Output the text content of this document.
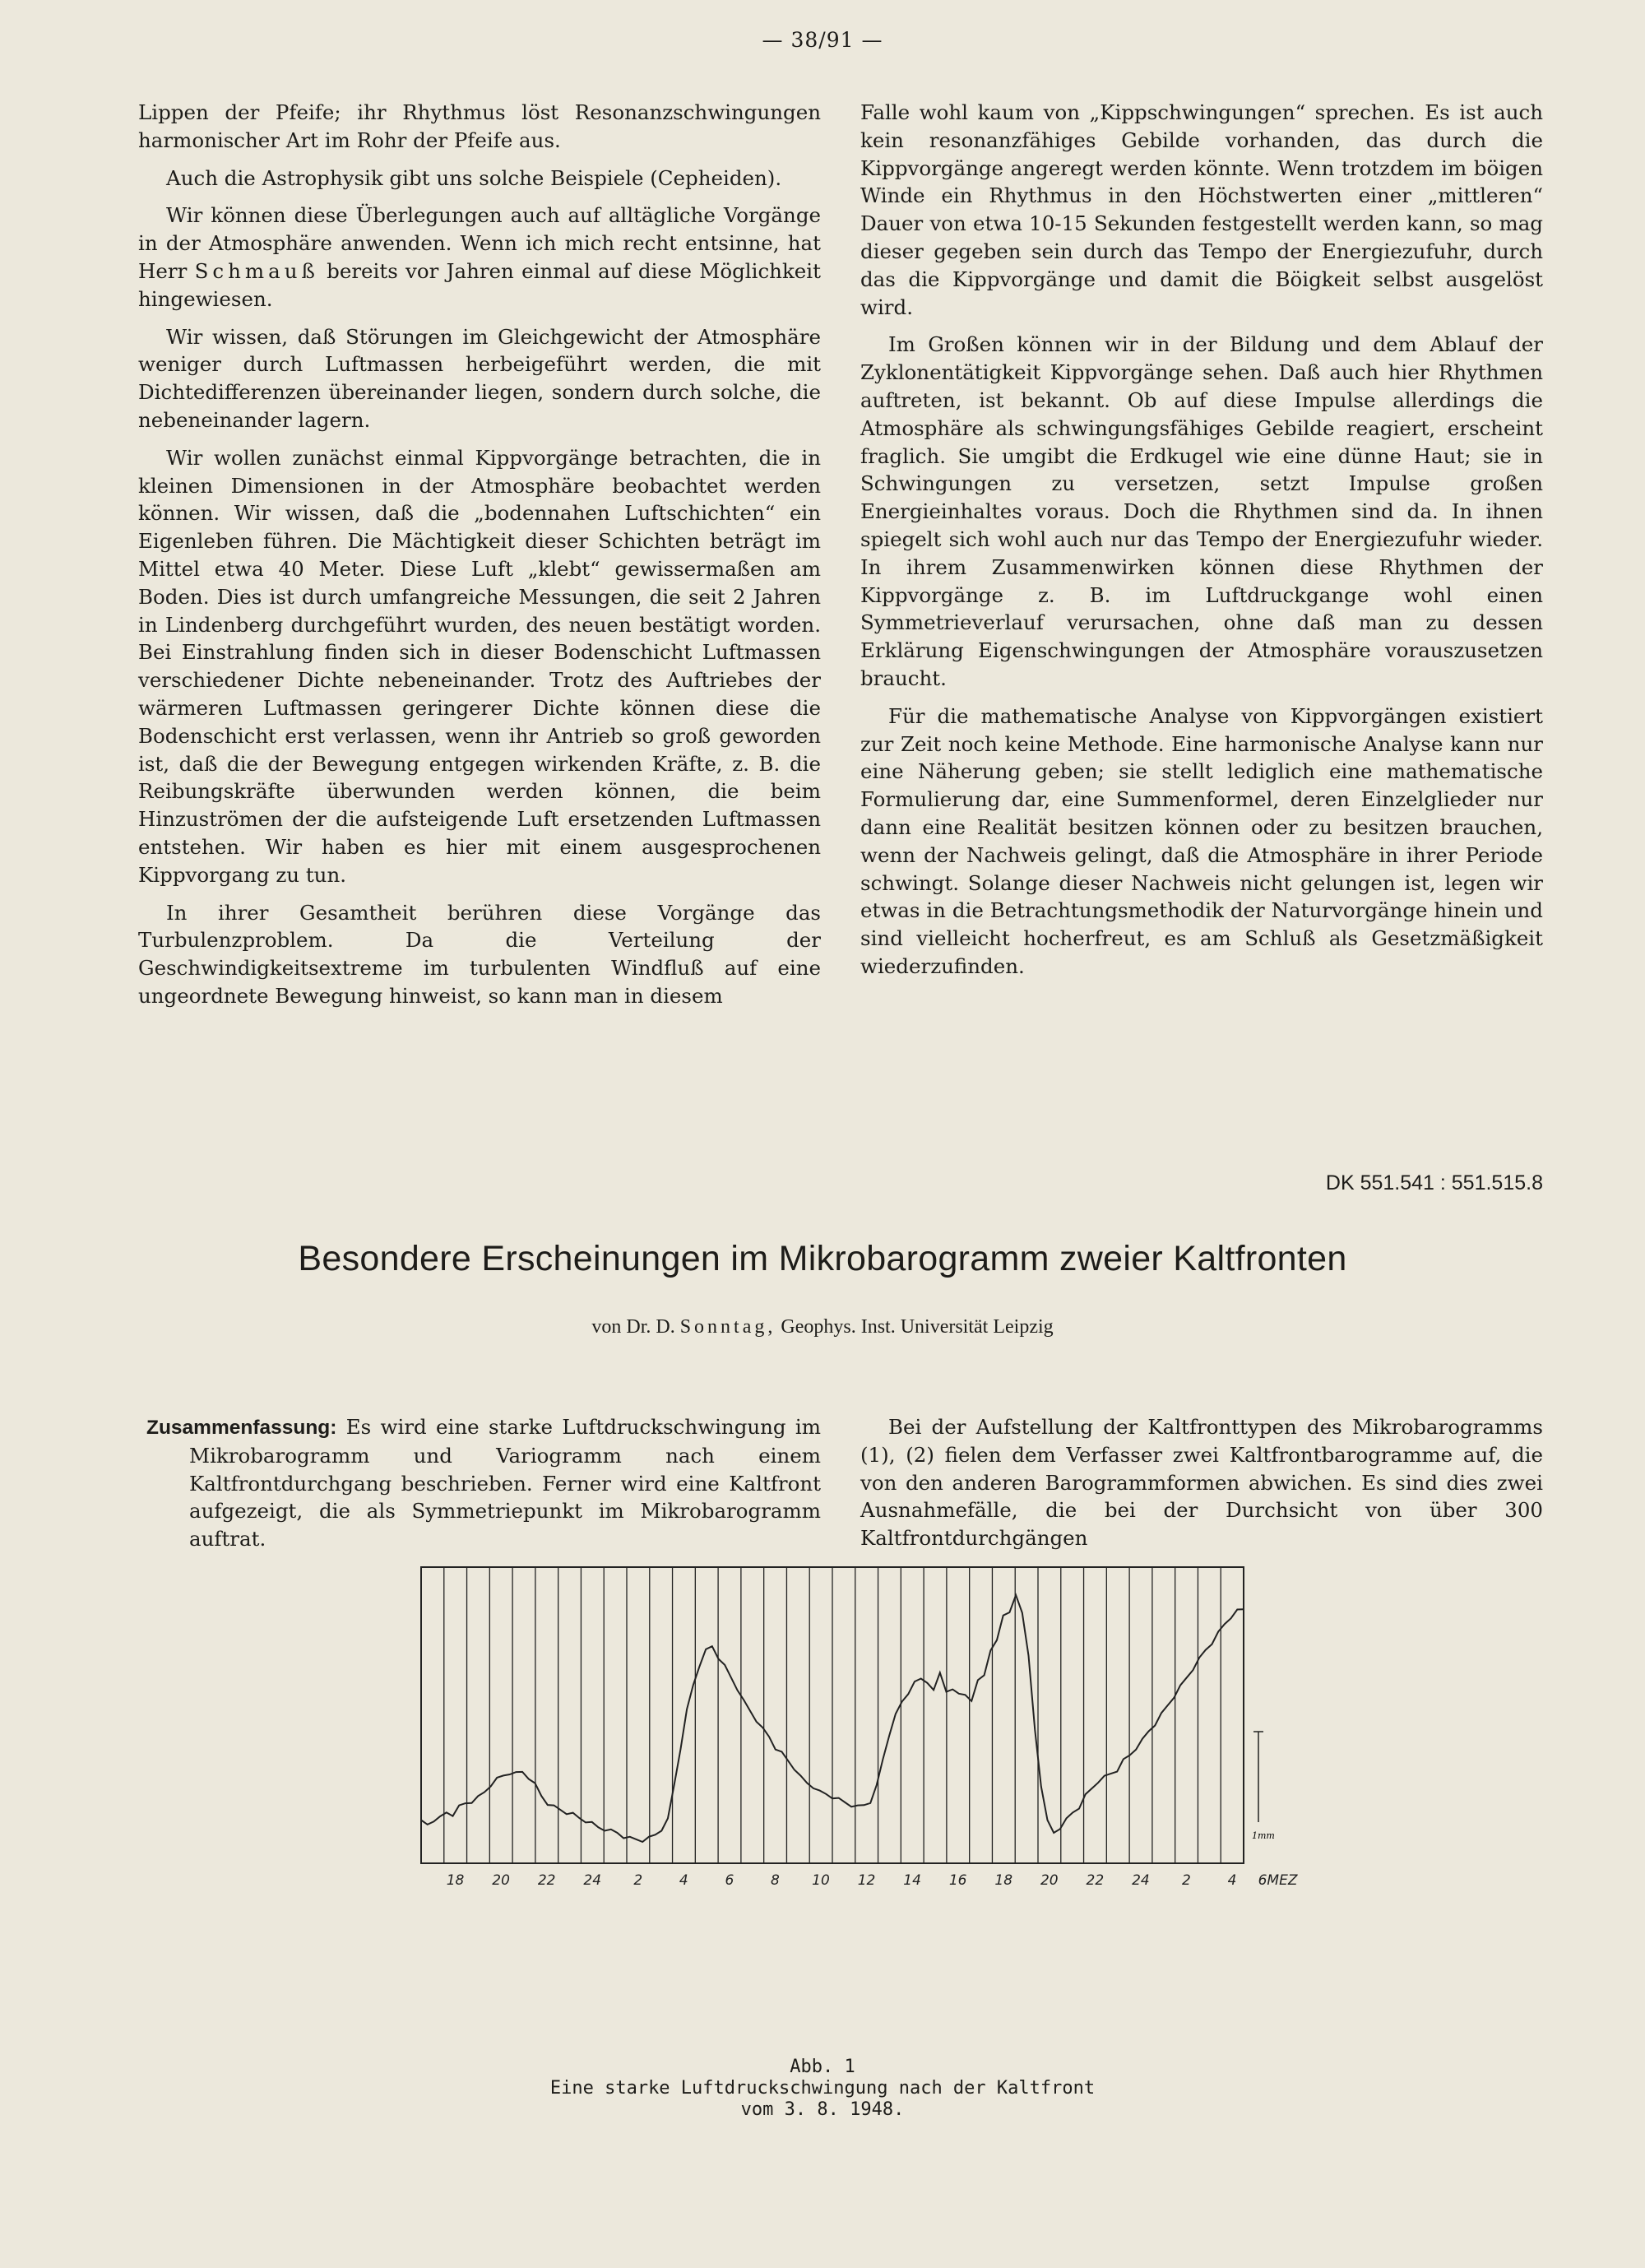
— 38/91 —

Lippen der Pfeife; ihr Rhythmus löst Resonanzschwingungen harmonischer Art im Rohr der Pfeife aus.

Auch die Astrophysik gibt uns solche Beispiele (Cepheiden).

Wir können diese Überlegungen auch auf alltägliche Vorgänge in der Atmosphäre anwenden. Wenn ich mich recht entsinne, hat Herr Schmauß bereits vor Jahren einmal auf diese Möglichkeit hingewiesen.

Wir wissen, daß Störungen im Gleichgewicht der Atmosphäre weniger durch Luftmassen herbeigeführt werden, die mit Dichtedifferenzen übereinander liegen, sondern durch solche, die nebeneinander lagern.

Wir wollen zunächst einmal Kippvorgänge betrachten, die in kleinen Dimensionen in der Atmosphäre beobachtet werden können. Wir wissen, daß die „bodennahen Luftschichten“ ein Eigenleben führen. Die Mächtigkeit dieser Schichten beträgt im Mittel etwa 40 Meter. Diese Luft „klebt“ gewissermaßen am Boden. Dies ist durch umfangreiche Messungen, die seit 2 Jahren in Lindenberg durchgeführt wurden, des neuen bestätigt worden. Bei Einstrahlung finden sich in dieser Bodenschicht Luftmassen verschiedener Dichte nebeneinander. Trotz des Auftriebes der wärmeren Luftmassen geringerer Dichte können diese die Bodenschicht erst verlassen, wenn ihr Antrieb so groß geworden ist, daß die der Bewegung entgegen wirkenden Kräfte, z. B. die Reibungskräfte überwunden werden können, die beim Hinzuströmen der die aufsteigende Luft ersetzenden Luftmassen entstehen. Wir haben es hier mit einem ausgesprochenen Kippvorgang zu tun.

In ihrer Gesamtheit berühren diese Vorgänge das Turbulenzproblem. Da die Verteilung der Geschwindigkeitsextreme im turbulenten Windfluß auf eine ungeordnete Bewegung hinweist, so kann man in diesem

Falle wohl kaum von „Kippschwingungen“ sprechen. Es ist auch kein resonanzfähiges Gebilde vorhanden, das durch die Kippvorgänge angeregt werden könnte. Wenn trotzdem im böigen Winde ein Rhythmus in den Höchstwerten einer „mittleren“ Dauer von etwa 10-15 Sekunden festgestellt werden kann, so mag dieser gegeben sein durch das Tempo der Energiezufuhr, durch das die Kippvorgänge und damit die Böigkeit selbst ausgelöst wird.

Im Großen können wir in der Bildung und dem Ablauf der Zyklonentätigkeit Kippvorgänge sehen. Daß auch hier Rhythmen auftreten, ist bekannt. Ob auf diese Impulse allerdings die Atmosphäre als schwingungsfähiges Gebilde reagiert, erscheint fraglich. Sie umgibt die Erdkugel wie eine dünne Haut; sie in Schwingungen zu versetzen, setzt Impulse großen Energieinhaltes voraus. Doch die Rhythmen sind da. In ihnen spiegelt sich wohl auch nur das Tempo der Energiezufuhr wieder. In ihrem Zusammenwirken können diese Rhythmen der Kippvorgänge z. B. im Luftdruckgange wohl einen Symmetrieverlauf verursachen, ohne daß man zu dessen Erklärung Eigenschwingungen der Atmosphäre vorauszusetzen braucht.

Für die mathematische Analyse von Kippvorgängen existiert zur Zeit noch keine Methode. Eine harmonische Analyse kann nur eine Näherung geben; sie stellt lediglich eine mathematische Formulierung dar, eine Summenformel, deren Einzelglieder nur dann eine Realität besitzen können oder zu besitzen brauchen, wenn der Nachweis gelingt, daß die Atmosphäre in ihrer Periode schwingt. Solange dieser Nachweis nicht gelungen ist, legen wir etwas in die Betrachtungsmethodik der Naturvorgänge hinein und sind vielleicht hocherfreut, es am Schluß als Gesetzmäßigkeit wiederzufinden.

DK 551.541 : 551.515.8
Besondere Erscheinungen im Mikrobarogramm zweier Kaltfronten
von Dr. D. Sonntag, Geophys. Inst. Universität Leipzig

Zusammenfassung: Es wird eine starke Luftdruckschwingung im Mikrobarogramm und Variogramm nach einem Kaltfrontdurchgang beschrieben. Ferner wird eine Kaltfront aufgezeigt, die als Symmetriepunkt im Mikrobarogramm auftrat.

Bei der Aufstellung der Kaltfronttypen des Mikrobarogramms (1), (2) fielen dem Verfasser zwei Kaltfrontbarogramme auf, die von den anderen Barogrammformen abwichen. Es sind dies zwei Ausnahmefälle, die bei der Durchsicht von über 300 Kaltfrontdurchgängen

18 20 22 24 2	4	6	8 10 12 14 16 18 20 22 24 2	4 6MEZ
1mm
Abb. 1
Eine starke Luftdruckschwingung nach der Kaltfront
vom 3. 8. 1948.
